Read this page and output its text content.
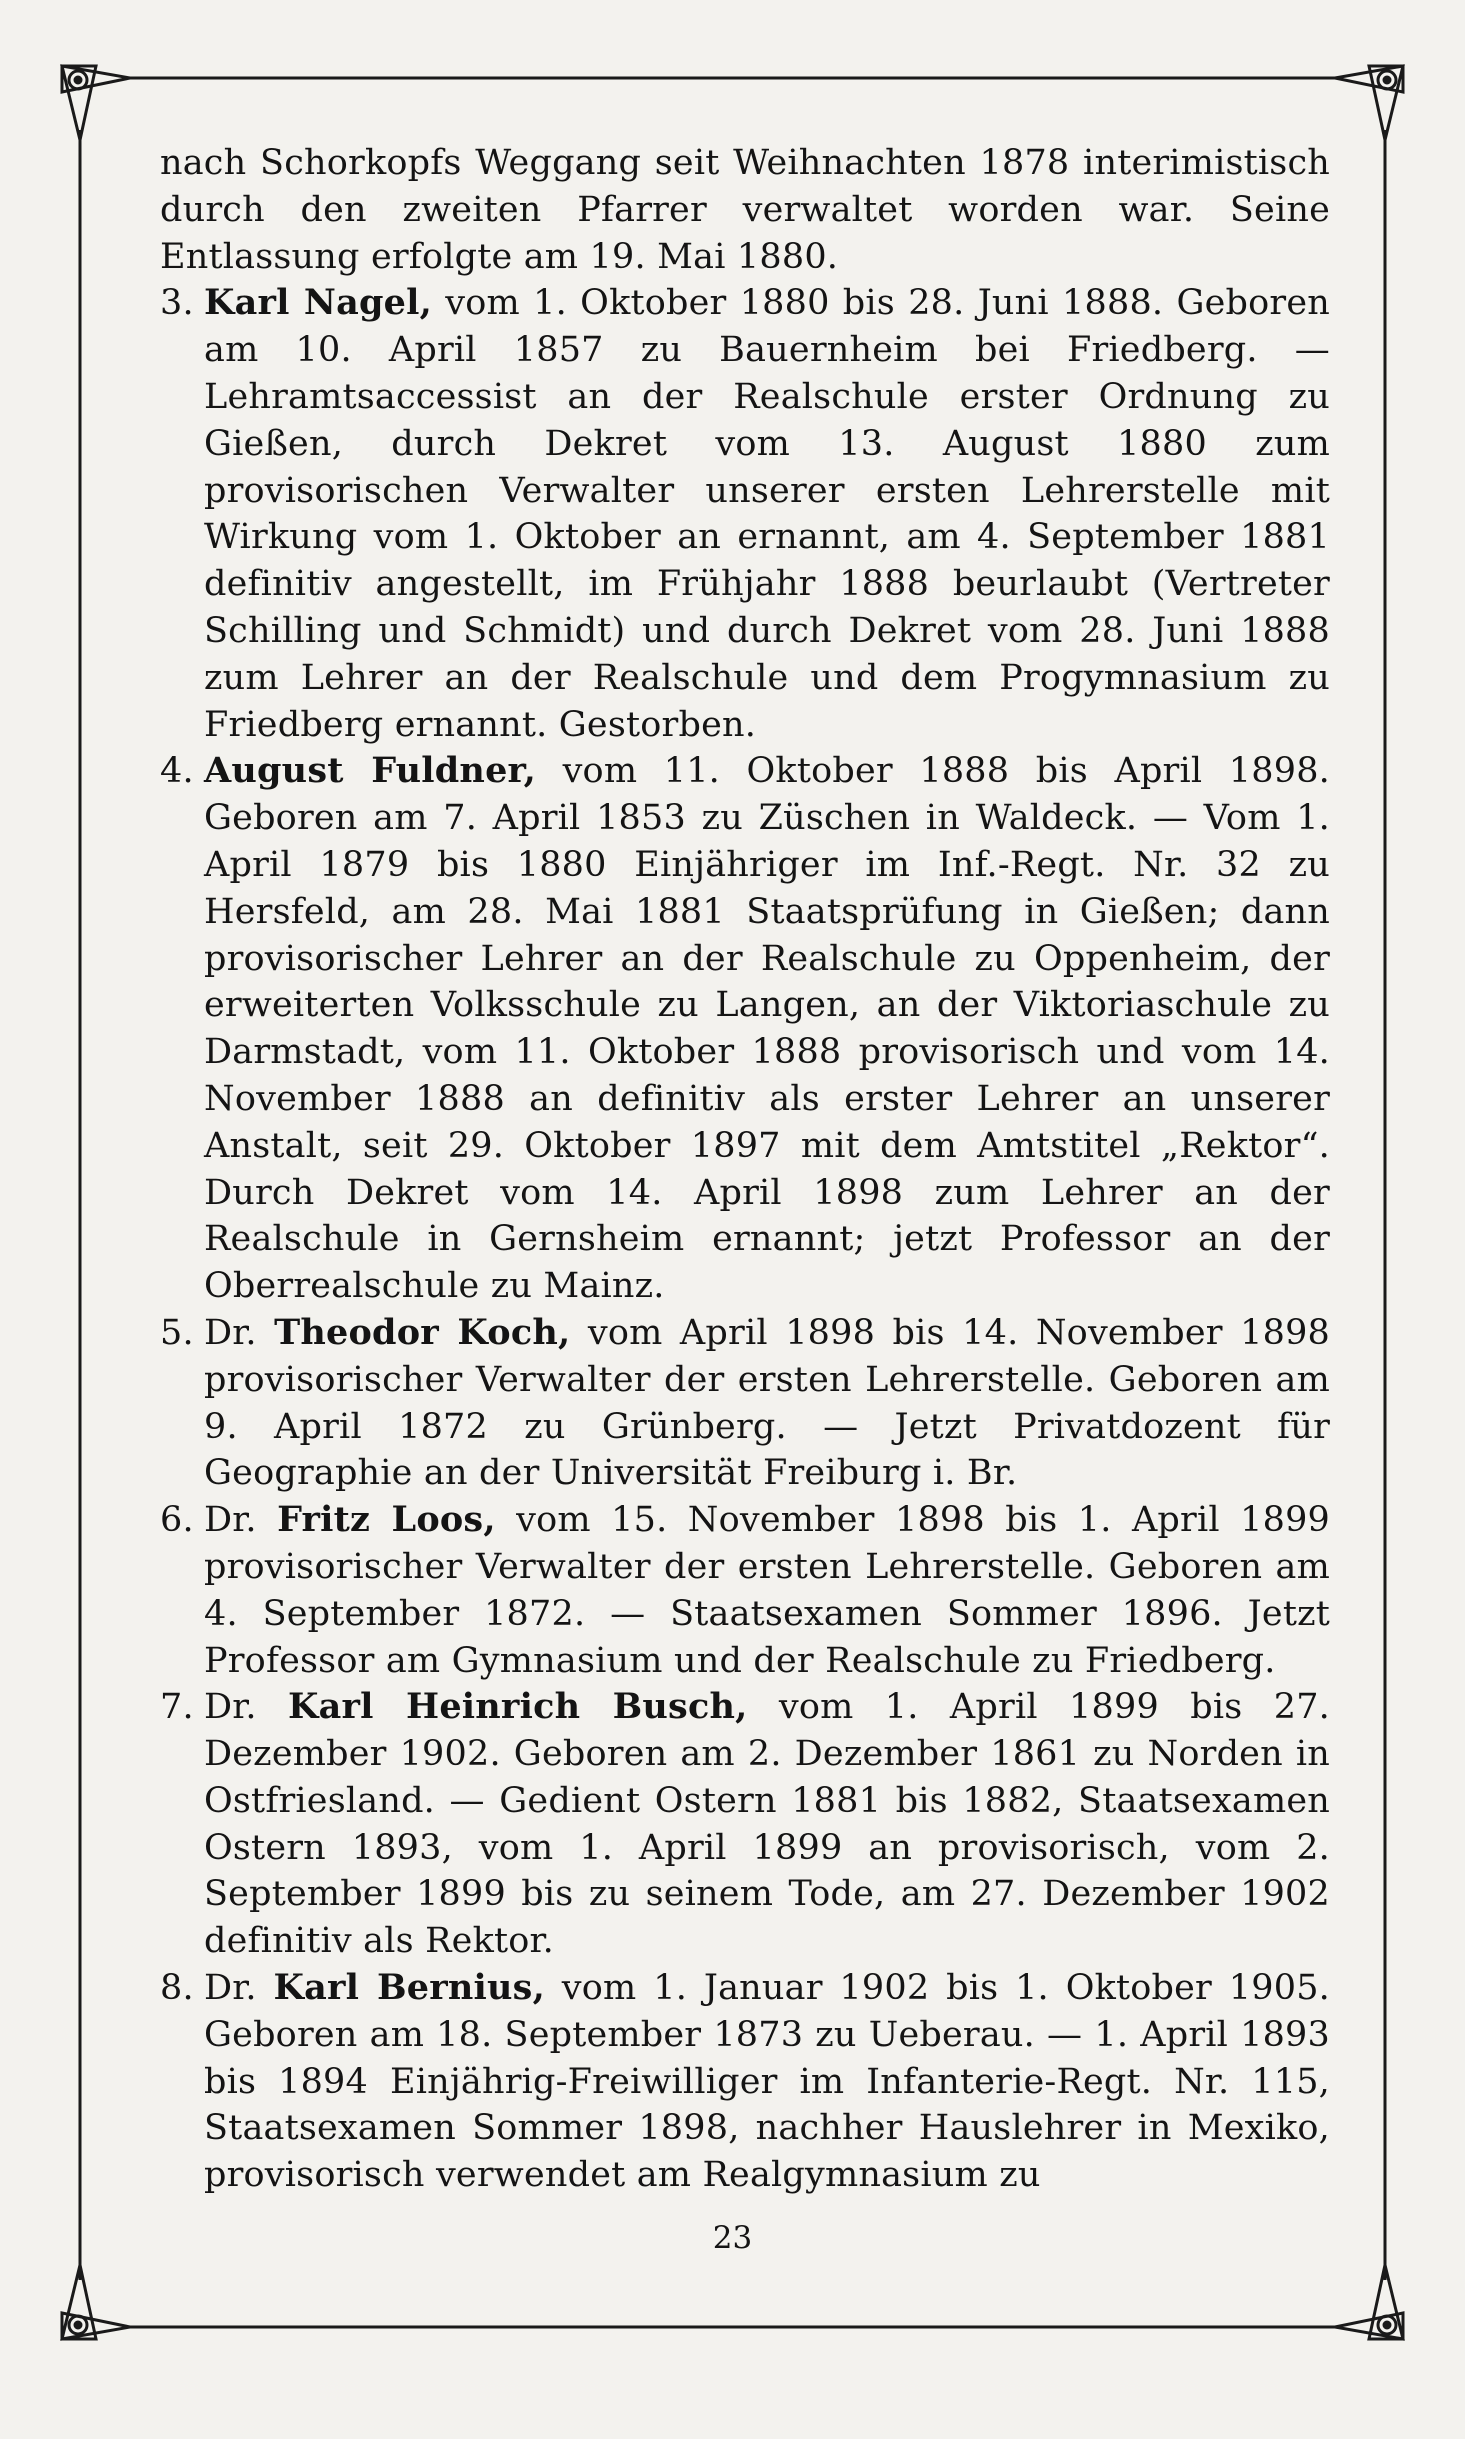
nach Schorkopfs Weggang seit Weihnachten 1878 interimistisch durch den zweiten Pfarrer verwaltet worden war. Seine Entlassung erfolgte am 19. Mai 1880.

3. Karl Nagel, vom 1. Oktober 1880 bis 28. Juni 1888. Geboren am 10. April 1857 zu Bauernheim bei Friedberg. — Lehramtsaccessist an der Realschule erster Ordnung zu Gießen, durch Dekret vom 13. August 1880 zum provisorischen Verwalter unserer ersten Lehrerstelle mit Wirkung vom 1. Oktober an ernannt, am 4. September 1881 definitiv angestellt, im Frühjahr 1888 beurlaubt (Vertreter Schilling und Schmidt) und durch Dekret vom 28. Juni 1888 zum Lehrer an der Realschule und dem Progymnasium zu Friedberg ernannt. Gestorben.
4. August Fuldner, vom 11. Oktober 1888 bis April 1898. Geboren am 7. April 1853 zu Züschen in Waldeck. — Vom 1. April 1879 bis 1880 Einjähriger im Inf.-Regt. Nr. 32 zu Hersfeld, am 28. Mai 1881 Staatsprüfung in Gießen; dann provisorischer Lehrer an der Realschule zu Oppenheim, der erweiterten Volksschule zu Langen, an der Viktoriaschule zu Darmstadt, vom 11. Oktober 1888 provisorisch und vom 14. November 1888 an definitiv als erster Lehrer an unserer Anstalt, seit 29. Oktober 1897 mit dem Amtstitel „Rektor“. Durch Dekret vom 14. April 1898 zum Lehrer an der Realschule in Gernsheim ernannt; jetzt Professor an der Oberrealschule zu Mainz.
5. Dr. Theodor Koch, vom April 1898 bis 14. November 1898 provisorischer Verwalter der ersten Lehrerstelle. Geboren am 9. April 1872 zu Grünberg. — Jetzt Privatdozent für Geographie an der Universität Freiburg i. Br.
6. Dr. Fritz Loos, vom 15. November 1898 bis 1. April 1899 provisorischer Verwalter der ersten Lehrerstelle. Geboren am 4. September 1872. — Staatsexamen Sommer 1896. Jetzt Professor am Gymnasium und der Realschule zu Friedberg.
7. Dr. Karl Heinrich Busch, vom 1. April 1899 bis 27. Dezember 1902. Geboren am 2. Dezember 1861 zu Norden in Ostfriesland. — Gedient Ostern 1881 bis 1882, Staatsexamen Ostern 1893, vom 1. April 1899 an provisorisch, vom 2. September 1899 bis zu seinem Tode, am 27. Dezember 1902 definitiv als Rektor.
8. Dr. Karl Bernius, vom 1. Januar 1902 bis 1. Oktober 1905. Geboren am 18. September 1873 zu Ueberau. — 1. April 1893 bis 1894 Einjährig-Freiwilliger im Infanterie-Regt. Nr. 115, Staatsexamen Sommer 1898, nachher Hauslehrer in Mexiko, provisorisch verwendet am Realgymnasium zu
23
